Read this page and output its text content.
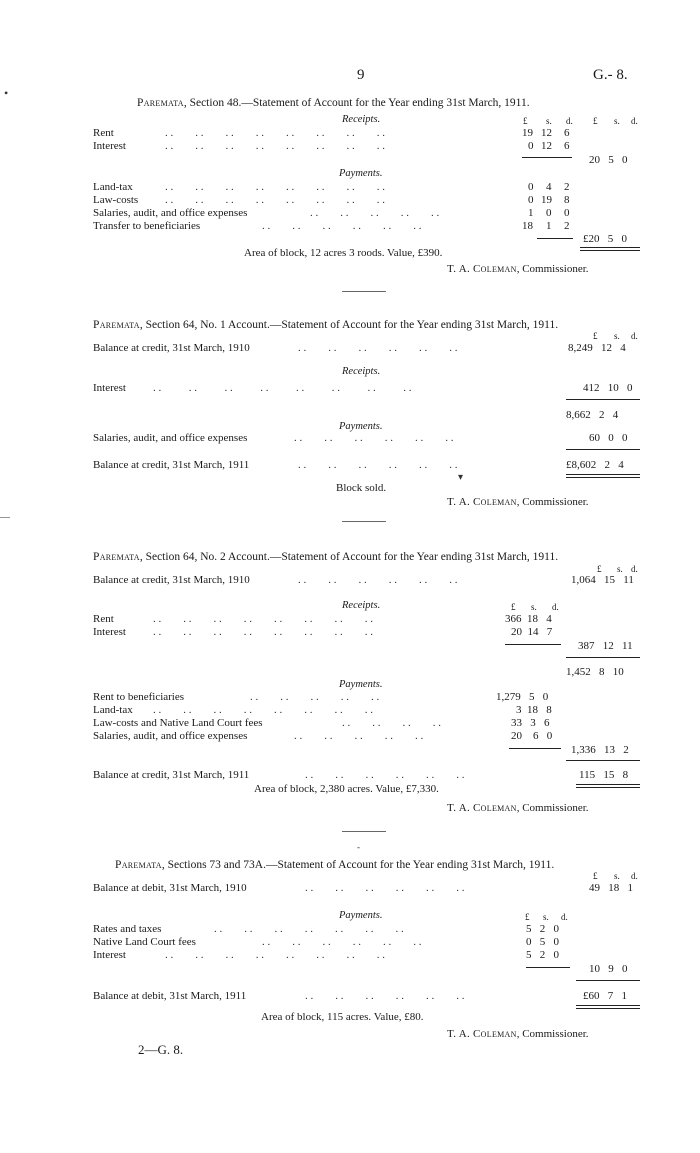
9	G.- 8.
•
Paremata, Section 48.—Statement of Account for the Year ending 31st March, 1911.
Receipts.	£ s. d. £ s. d.
Rent	. .        . .        . .        . .        . .        . .        . .        . .	19 12 6
Interest	. .        . .        . .        . .        . .        . .        . .        . .	0 12 6
20 5 0
Payments.
Land-tax	. .        . .        . .        . .        . .        . .        . .        . .	0 4 2
Law-costs . .        . .        . .        . .        . .        . .        . .        . .	0 19 8
Salaries, audit, and office expenses	. .        . .        . .        . .        . .	1 0 0
Transfer to beneficiaries	. .        . .        . .        . .        . .        . .	18 1 2
£20 5 0
Area of block, 12 acres 3 roods. Value, £390.
T. A. Coleman, Commissioner.
Paremata, Section 64, No. 1 Account.—Statement of Account for the Year ending 31st March, 1911.
£ s. d.
Balance at credit, 31st March, 1910	. .        . .        . .        . .        . .        . .	8,249 12 4
Receipts.
Interest . .          . .          . .          . .          . .          . .          . .          . .	412 10 0
8,662 2 4
Payments.
Salaries, audit, and office expenses	. .        . .        . .        . .        . .        . .	60 0 0
Balance at credit, 31st March, 1911	. .        . .        . .        . .        . .        . .	£8,602 2 4
▾
Block sold.
T. A. Coleman, Commissioner.
—
Paremata, Section 64, No. 2 Account.—Statement of Account for the Year ending 31st March, 1911.
£ s. d.
Balance at credit, 31st March, 1910	. .        . .        . .        . .        . .        . .	1,064 15 11
Receipts.	£ s. d.
Rent	. .        . .        . .        . .        . .        . .        . .        . .	366 18 4
Interest . .        . .        . .        . .        . .        . .        . .        . .	20 14 7
387 12 11
1,452 8 10
Payments.
Rent to beneficiaries	. .        . .        . .        . .        . .	1,279 5 0
Land-tax . .        . .        . .        . .        . .        . .        . .        . .	3 18 8
Law-costs and Native Land Court fees	. .        . .        . .        . .	33 3 6
Salaries, audit, and office expenses	. .        . .        . .        . .        . .	20 6 0
1,336 13 2
Balance at credit, 31st March, 1911	. .        . .        . .        . .        . .        . .	115 15 8
Area of block, 2,380 acres. Value, £7,330.
T. A. Coleman, Commissioner.
-
Paremata, Sections 73 and 73A.—Statement of Account for the Year ending 31st March, 1911.
£ s. d.
Balance at debit, 31st March, 1910	. .        . .        . .        . .        . .        . .	49 18 1
Payments.	£ s. d.
Rates and taxes	. .        . .        . .        . .        . .        . .        . .	5 2 0
Native Land Court fees	. .        . .        . .        . .        . .        . .	0 5 0
Interest	. .        . .        . .        . .        . .        . .        . .        . .	5 2 0
10 9 0
Balance at debit, 31st March, 1911	. .        . .        . .        . .        . .        . .	£60 7 1
Area of block, 115 acres. Value, £80.
T. A. Coleman, Commissioner.
2—G. 8.
